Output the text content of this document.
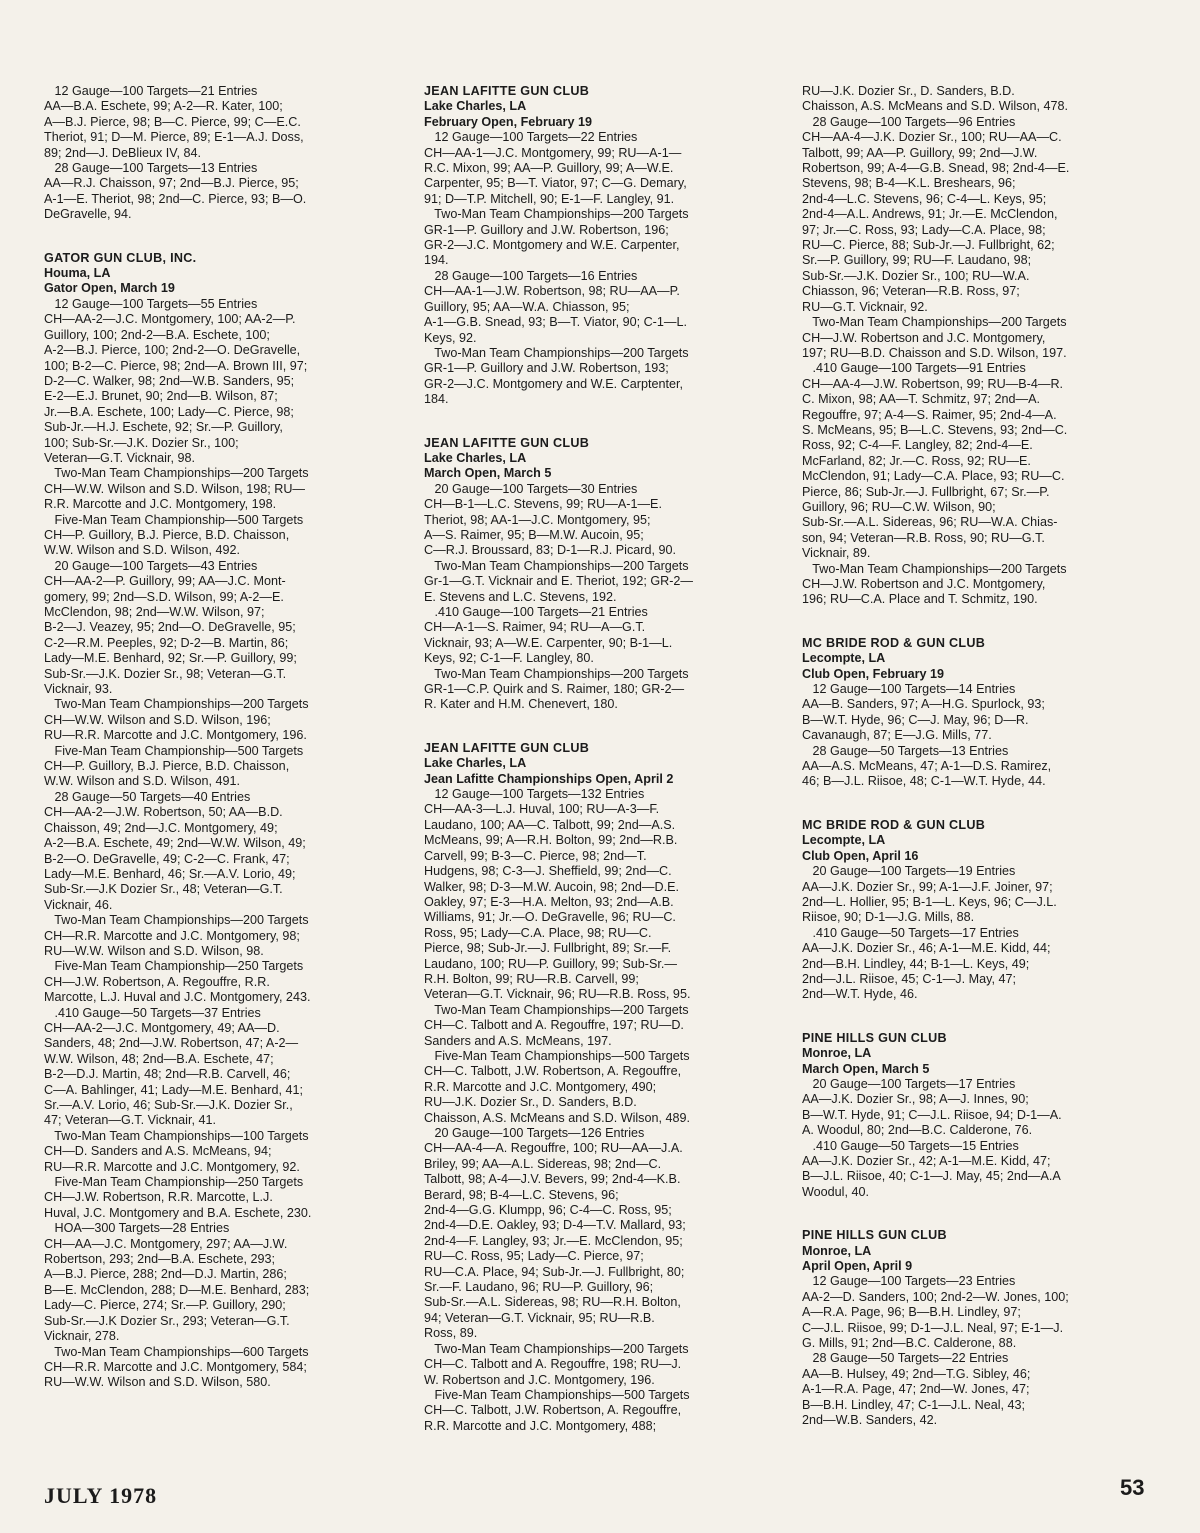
12 Gauge—100 Targets—21 Entries
AA—B.A. Eschete, 99; A-2—R. Kater, 100;
A—B.J. Pierce, 98; B—C. Pierce, 99; C—E.C.
Theriot, 91; D—M. Pierce, 89; E-1—A.J. Doss,
89; 2nd—J. DeBlieux IV, 84.
28 Gauge—100 Targets—13 Entries
AA—R.J. Chaisson, 97; 2nd—B.J. Pierce, 95;
A-1—E. Theriot, 98; 2nd—C. Pierce, 93; B—O.
DeGravelle, 94.
GATOR GUN CLUB, INC.
Houma, LA
Gator Open, March 19
12 Gauge—100 Targets—55 Entries
CH—AA-2—J.C. Montgomery, 100; AA-2—P.
Guillory, 100; 2nd-2—B.A. Eschete, 100;
A-2—B.J. Pierce, 100; 2nd-2—O. DeGravelle,
100; B-2—C. Pierce, 98; 2nd—A. Brown III, 97;
D-2—C. Walker, 98; 2nd—W.B. Sanders, 95;
E-2—E.J. Brunet, 90; 2nd—B. Wilson, 87;
Jr.—B.A. Eschete, 100; Lady—C. Pierce, 98;
Sub-Jr.—H.J. Eschete, 92; Sr.—P. Guillory,
100; Sub-Sr.—J.K. Dozier Sr., 100;
Veteran—G.T. Vicknair, 98.
Two-Man Team Championships—200 Targets
CH—W.W. Wilson and S.D. Wilson, 198; RU—
R.R. Marcotte and J.C. Montgomery, 198.
Five-Man Team Championship—500 Targets
CH—P. Guillory, B.J. Pierce, B.D. Chaisson,
W.W. Wilson and S.D. Wilson, 492.
20 Gauge—100 Targets—43 Entries
CH—AA-2—P. Guillory, 99; AA—J.C. Mont-
gomery, 99; 2nd—S.D. Wilson, 99; A-2—E.
McClendon, 98; 2nd—W.W. Wilson, 97;
B-2—J. Veazey, 95; 2nd—O. DeGravelle, 95;
C-2—R.M. Peeples, 92; D-2—B. Martin, 86;
Lady—M.E. Benhard, 92; Sr.—P. Guillory, 99;
Sub-Sr.—J.K. Dozier Sr., 98; Veteran—G.T.
Vicknair, 93.
Two-Man Team Championships—200 Targets
CH—W.W. Wilson and S.D. Wilson, 196;
RU—R.R. Marcotte and J.C. Montgomery, 196.
Five-Man Team Championship—500 Targets
CH—P. Guillory, B.J. Pierce, B.D. Chaisson,
W.W. Wilson and S.D. Wilson, 491.
28 Gauge—50 Targets—40 Entries
CH—AA-2—J.W. Robertson, 50; AA—B.D.
Chaisson, 49; 2nd—J.C. Montgomery, 49;
A-2—B.A. Eschete, 49; 2nd—W.W. Wilson, 49;
B-2—O. DeGravelle, 49; C-2—C. Frank, 47;
Lady—M.E. Benhard, 46; Sr.—A.V. Lorio, 49;
Sub-Sr.—J.K Dozier Sr., 48; Veteran—G.T.
Vicknair, 46.
Two-Man Team Championships—200 Targets
CH—R.R. Marcotte and J.C. Montgomery, 98;
RU—W.W. Wilson and S.D. Wilson, 98.
Five-Man Team Championship—250 Targets
CH—J.W. Robertson, A. Regouffre, R.R.
Marcotte, L.J. Huval and J.C. Montgomery, 243.
.410 Gauge—50 Targets—37 Entries
CH—AA-2—J.C. Montgomery, 49; AA—D.
Sanders, 48; 2nd—J.W. Robertson, 47; A-2—
W.W. Wilson, 48; 2nd—B.A. Eschete, 47;
B-2—D.J. Martin, 48; 2nd—R.B. Carvell, 46;
C—A. Bahlinger, 41; Lady—M.E. Benhard, 41;
Sr.—A.V. Lorio, 46; Sub-Sr.—J.K. Dozier Sr.,
47; Veteran—G.T. Vicknair, 41.
Two-Man Team Championships—100 Targets
CH—D. Sanders and A.S. McMeans, 94;
RU—R.R. Marcotte and J.C. Montgomery, 92.
Five-Man Team Championship—250 Targets
CH—J.W. Robertson, R.R. Marcotte, L.J.
Huval, J.C. Montgomery and B.A. Eschete, 230.
HOA—300 Targets—28 Entries
CH—AA—J.C. Montgomery, 297; AA—J.W.
Robertson, 293; 2nd—B.A. Eschete, 293;
A—B.J. Pierce, 288; 2nd—D.J. Martin, 286;
B—E. McClendon, 288; D—M.E. Benhard, 283;
Lady—C. Pierce, 274; Sr.—P. Guillory, 290;
Sub-Sr.—J.K Dozier Sr., 293; Veteran—G.T.
Vicknair, 278.
Two-Man Team Championships—600 Targets
CH—R.R. Marcotte and J.C. Montgomery, 584;
RU—W.W. Wilson and S.D. Wilson, 580.
JEAN LAFITTE GUN CLUB
Lake Charles, LA
February Open, February 19
12 Gauge—100 Targets—22 Entries
CH—AA-1—J.C. Montgomery, 99; RU—A-1—
R.C. Mixon, 99; AA—P. Guillory, 99; A—W.E.
Carpenter, 95; B—T. Viator, 97; C—G. Demary,
91; D—T.P. Mitchell, 90; E-1—F. Langley, 91.
Two-Man Team Championships—200 Targets
GR-1—P. Guillory and J.W. Robertson, 196;
GR-2—J.C. Montgomery and W.E. Carpenter,
194.
28 Gauge—100 Targets—16 Entries
CH—AA-1—J.W. Robertson, 98; RU—AA—P.
Guillory, 95; AA—W.A. Chiasson, 95;
A-1—G.B. Snead, 93; B—T. Viator, 90; C-1—L.
Keys, 92.
Two-Man Team Championships—200 Targets
GR-1—P. Guillory and J.W. Robertson, 193;
GR-2—J.C. Montgomery and W.E. Carptenter,
184.
JEAN LAFITTE GUN CLUB
Lake Charles, LA
March Open, March 5
20 Gauge—100 Targets—30 Entries
CH—B-1—L.C. Stevens, 99; RU—A-1—E.
Theriot, 98; AA-1—J.C. Montgomery, 95;
A—S. Raimer, 95; B—M.W. Aucoin, 95;
C—R.J. Broussard, 83; D-1—R.J. Picard, 90.
Two-Man Team Championships—200 Targets
Gr-1—G.T. Vicknair and E. Theriot, 192; GR-2—
E. Stevens and L.C. Stevens, 192.
.410 Gauge—100 Targets—21 Entries
CH—A-1—S. Raimer, 94; RU—A—G.T.
Vicknair, 93; A—W.E. Carpenter, 90; B-1—L.
Keys, 92; C-1—F. Langley, 80.
Two-Man Team Championships—200 Targets
GR-1—C.P. Quirk and S. Raimer, 180; GR-2—
R. Kater and H.M. Chenevert, 180.
JEAN LAFITTE GUN CLUB
Lake Charles, LA
Jean Lafitte Championships Open, April 2
12 Gauge—100 Targets—132 Entries
CH—AA-3—L.J. Huval, 100; RU—A-3—F.
Laudano, 100; AA—C. Talbott, 99; 2nd—A.S.
McMeans, 99; A—R.H. Bolton, 99; 2nd—R.B.
Carvell, 99; B-3—C. Pierce, 98; 2nd—T.
Hudgens, 98; C-3—J. Sheffield, 99; 2nd—C.
Walker, 98; D-3—M.W. Aucoin, 98; 2nd—D.E.
Oakley, 97; E-3—H.A. Melton, 93; 2nd—A.B.
Williams, 91; Jr.—O. DeGravelle, 96; RU—C.
Ross, 95; Lady—C.A. Place, 98; RU—C.
Pierce, 98; Sub-Jr.—J. Fullbright, 89; Sr.—F.
Laudano, 100; RU—P. Guillory, 99; Sub-Sr.—
R.H. Bolton, 99; RU—R.B. Carvell, 99;
Veteran—G.T. Vicknair, 96; RU—R.B. Ross, 95.
Two-Man Team Championships—200 Targets
CH—C. Talbott and A. Regouffre, 197; RU—D.
Sanders and A.S. McMeans, 197.
Five-Man Team Championships—500 Targets
CH—C. Talbott, J.W. Robertson, A. Regouffre,
R.R. Marcotte and J.C. Montgomery, 490;
RU—J.K. Dozier Sr., D. Sanders, B.D.
Chaisson, A.S. McMeans and S.D. Wilson, 489.
20 Gauge—100 Targets—126 Entries
CH—AA-4—A. Regouffre, 100; RU—AA—J.A.
Briley, 99; AA—A.L. Sidereas, 98; 2nd—C.
Talbott, 98; A-4—J.V. Bevers, 99; 2nd-4—K.B.
Berard, 98; B-4—L.C. Stevens, 96;
2nd-4—G.G. Klumpp, 96; C-4—C. Ross, 95;
2nd-4—D.E. Oakley, 93; D-4—T.V. Mallard, 93;
2nd-4—F. Langley, 93; Jr.—E. McClendon, 95;
RU—C. Ross, 95; Lady—C. Pierce, 97;
RU—C.A. Place, 94; Sub-Jr.—J. Fullbright, 80;
Sr.—F. Laudano, 96; RU—P. Guillory, 96;
Sub-Sr.—A.L. Sidereas, 98; RU—R.H. Bolton,
94; Veteran—G.T. Vicknair, 95; RU—R.B.
Ross, 89.
Two-Man Team Championships—200 Targets
CH—C. Talbott and A. Regouffre, 198; RU—J.
W. Robertson and J.C. Montgomery, 196.
Five-Man Team Championships—500 Targets
CH—C. Talbott, J.W. Robertson, A. Regouffre,
R.R. Marcotte and J.C. Montgomery, 488;
RU—J.K. Dozier Sr., D. Sanders, B.D.
Chaisson, A.S. McMeans and S.D. Wilson, 478.
28 Gauge—100 Targets—96 Entries
CH—AA-4—J.K. Dozier Sr., 100; RU—AA—C.
Talbott, 99; AA—P. Guillory, 99; 2nd—J.W.
Robertson, 99; A-4—G.B. Snead, 98; 2nd-4—E.
Stevens, 98; B-4—K.L. Breshears, 96;
2nd-4—L.C. Stevens, 96; C-4—L. Keys, 95;
2nd-4—A.L. Andrews, 91; Jr.—E. McClendon,
97; Jr.—C. Ross, 93; Lady—C.A. Place, 98;
RU—C. Pierce, 88; Sub-Jr.—J. Fullbright, 62;
Sr.—P. Guillory, 99; RU—F. Laudano, 98;
Sub-Sr.—J.K. Dozier Sr., 100; RU—W.A.
Chiasson, 96; Veteran—R.B. Ross, 97;
RU—G.T. Vicknair, 92.
Two-Man Team Championships—200 Targets
CH—J.W. Robertson and J.C. Montgomery,
197; RU—B.D. Chaisson and S.D. Wilson, 197.
.410 Gauge—100 Targets—91 Entries
CH—AA-4—J.W. Robertson, 99; RU—B-4—R.
C. Mixon, 98; AA—T. Schmitz, 97; 2nd—A.
Regouffre, 97; A-4—S. Raimer, 95; 2nd-4—A.
S. McMeans, 95; B—L.C. Stevens, 93; 2nd—C.
Ross, 92; C-4—F. Langley, 82; 2nd-4—E.
McFarland, 82; Jr.—C. Ross, 92; RU—E.
McClendon, 91; Lady—C.A. Place, 93; RU—C.
Pierce, 86; Sub-Jr.—J. Fullbright, 67; Sr.—P.
Guillory, 96; RU—C.W. Wilson, 90;
Sub-Sr.—A.L. Sidereas, 96; RU—W.A. Chias-
son, 94; Veteran—R.B. Ross, 90; RU—G.T.
Vicknair, 89.
Two-Man Team Championships—200 Targets
CH—J.W. Robertson and J.C. Montgomery,
196; RU—C.A. Place and T. Schmitz, 190.
MC BRIDE ROD & GUN CLUB
Lecompte, LA
Club Open, February 19
12 Gauge—100 Targets—14 Entries
AA—B. Sanders, 97; A—H.G. Spurlock, 93;
B—W.T. Hyde, 96; C—J. May, 96; D—R.
Cavanaugh, 87; E—J.G. Mills, 77.
28 Gauge—50 Targets—13 Entries
AA—A.S. McMeans, 47; A-1—D.S. Ramirez,
46; B—J.L. Riisoe, 48; C-1—W.T. Hyde, 44.
MC BRIDE ROD & GUN CLUB
Lecompte, LA
Club Open, April 16
20 Gauge—100 Targets—19 Entries
AA—J.K. Dozier Sr., 99; A-1—J.F. Joiner, 97;
2nd—L. Hollier, 95; B-1—L. Keys, 96; C—J.L.
Riisoe, 90; D-1—J.G. Mills, 88.
.410 Gauge—50 Targets—17 Entries
AA—J.K. Dozier Sr., 46; A-1—M.E. Kidd, 44;
2nd—B.H. Lindley, 44; B-1—L. Keys, 49;
2nd—J.L. Riisoe, 45; C-1—J. May, 47;
2nd—W.T. Hyde, 46.
PINE HILLS GUN CLUB
Monroe, LA
March Open, March 5
20 Gauge—100 Targets—17 Entries
AA—J.K. Dozier Sr., 98; A—J. Innes, 90;
B—W.T. Hyde, 91; C—J.L. Riisoe, 94; D-1—A.
A. Woodul, 80; 2nd—B.C. Calderone, 76.
.410 Gauge—50 Targets—15 Entries
AA—J.K. Dozier Sr., 42; A-1—M.E. Kidd, 47;
B—J.L. Riisoe, 40; C-1—J. May, 45; 2nd—A.A
Woodul, 40.
PINE HILLS GUN CLUB
Monroe, LA
April Open, April 9
12 Gauge—100 Targets—23 Entries
AA-2—D. Sanders, 100; 2nd-2—W. Jones, 100;
A—R.A. Page, 96; B—B.H. Lindley, 97;
C—J.L. Riisoe, 99; D-1—J.L. Neal, 97; E-1—J.
G. Mills, 91; 2nd—B.C. Calderone, 88.
28 Gauge—50 Targets—22 Entries
AA—B. Hulsey, 49; 2nd—T.G. Sibley, 46;
A-1—R.A. Page, 47; 2nd—W. Jones, 47;
B—B.H. Lindley, 47; C-1—J.L. Neal, 43;
2nd—W.B. Sanders, 42.
JULY 1978	53
